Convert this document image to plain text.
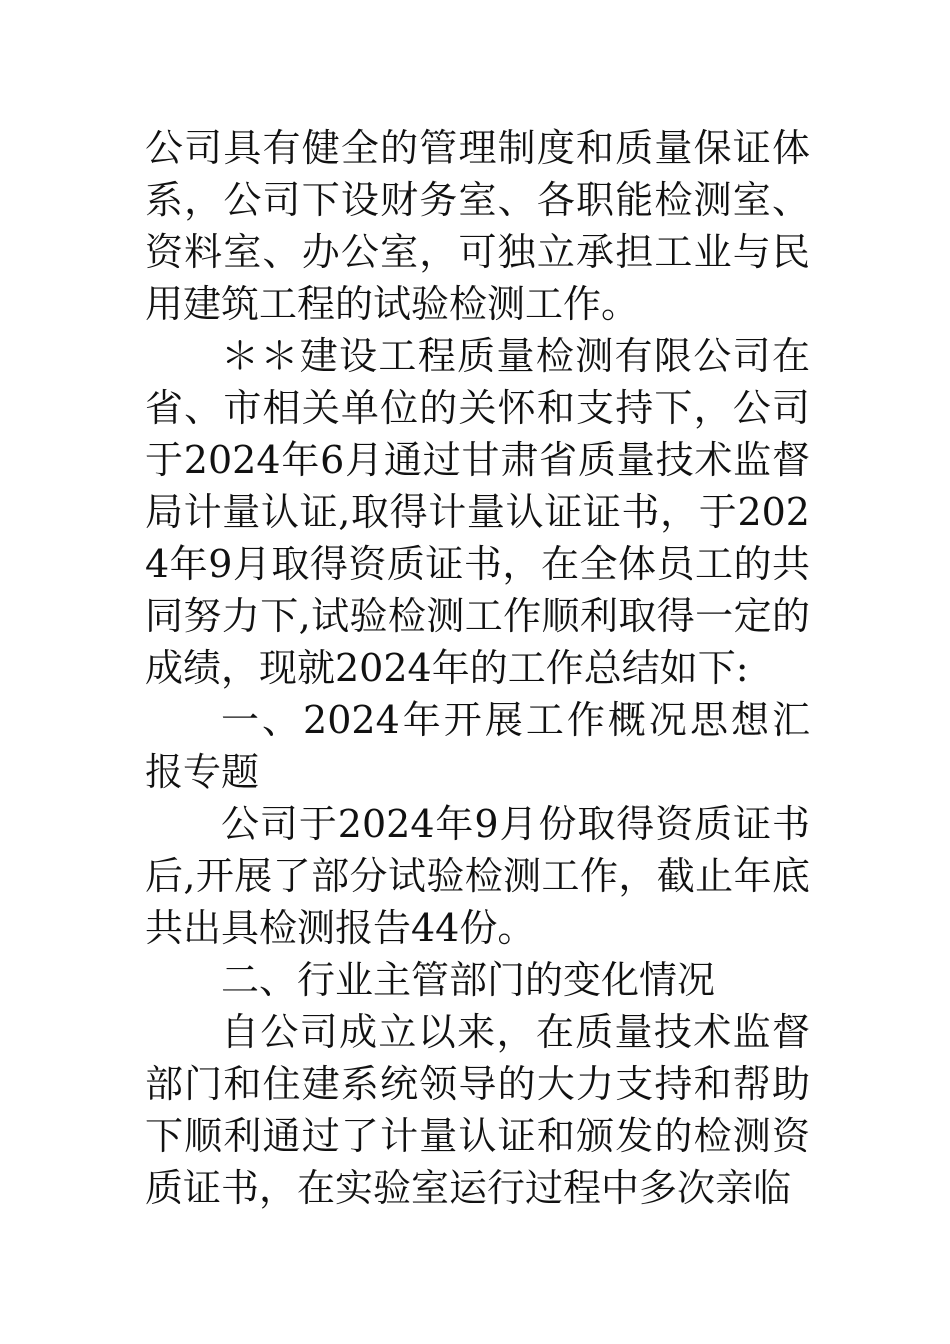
公司具有健全的管理制度和质量保证体系，公司下设财务室、各职能检测室、资料室、办公室，可独立承担工业与民用建筑工程的试验检测工作。

＊＊建设工程质量检测有限公司在省、市相关单位的关怀和支持下，公司于2024年6月通过甘肃省质量技术监督局计量认证,取得计量认证证书，于2024年9月取得资质证书，在全体员工的共同努力下,试验检测工作顺利取得一定的成绩，现就2024年的工作总结如下:

一、2024年开展工作概况思想汇报专题

公司于2024年9月份取得资质证书后,开展了部分试验检测工作，截止年底共出具检测报告44份。

二、行业主管部门的变化情况

自公司成立以来，在质量技术监督部门和住建系统领导的大力支持和帮助下顺利通过了计量认证和颁发的检测资质证书，在实验室运行过程中多次亲临
